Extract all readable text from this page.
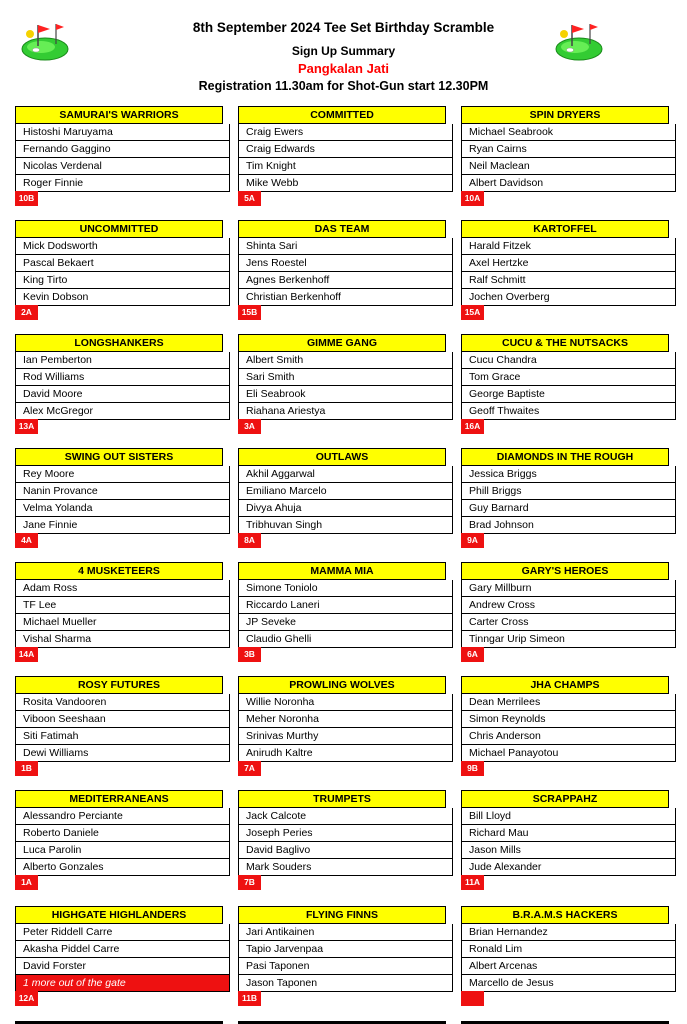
8th September 2024 Tee Set Birthday Scramble
Sign Up Summary
Pangkalan Jati
Registration 11.30am for Shot-Gun start 12.30PM
SAMURAI'S WARRIORS
Histoshi Maruyama
Fernando Gaggino
Nicolas Verdenal
Roger Finnie
10B
COMMITTED
Craig Ewers
Craig Edwards
Tim Knight
Mike Webb
5A
SPIN DRYERS
Michael Seabrook
Ryan Cairns
Neil Maclean
Albert Davidson
10A
UNCOMMITTED
Mick Dodsworth
Pascal Bekaert
King Tirto
Kevin Dobson
2A
DAS TEAM
Shinta Sari
Jens Roestel
Agnes Berkenhoff
Christian Berkenhoff
15B
KARTOFFEL
Harald Fitzek
Axel Hertzke
Ralf Schmitt
Jochen Overberg
15A
LONGSHANKERS
Ian Pemberton
Rod Williams
David Moore
Alex McGregor
13A
GIMME GANG
Albert Smith
Sari Smith
Eli Seabrook
Riahana Ariestya
3A
CUCU & THE NUTSACKS
Cucu Chandra
Tom Grace
George Baptiste
Geoff Thwaites
16A
SWING OUT SISTERS
Rey Moore
Nanin Provance
Velma Yolanda
Jane Finnie
4A
OUTLAWS
Akhil Aggarwal
Emiliano Marcelo
Divya Ahuja
Tribhuvan Singh
8A
DIAMONDS IN THE ROUGH
Jessica Briggs
Phill Briggs
Guy Barnard
Brad Johnson
9A
4 MUSKETEERS
Adam Ross
TF Lee
Michael Mueller
Vishal Sharma
14A
MAMMA MIA
Simone Toniolo
Riccardo Laneri
JP Seveke
Claudio Ghelli
3B
GARY'S HEROES
Gary Millburn
Andrew Cross
Carter Cross
Tinngar Urip Simeon
6A
ROSY FUTURES
Rosita Vandooren
Viboon Seeshaan
Siti Fatimah
Dewi Williams
1B
PROWLING WOLVES
Willie Noronha
Meher Noronha
Srinivas Murthy
Anirudh Kaltre
7A
JHA CHAMPS
Dean Merrilees
Simon Reynolds
Chris Anderson
Michael Panayotou
9B
MEDITERRANEANS
Alessandro Perciante
Roberto Daniele
Luca Parolin
Alberto Gonzales
1A
TRUMPETS
Jack Calcote
Joseph Peries
David Baglivo
Mark Souders
7B
SCRAPPAHZ
Bill Lloyd
Richard Mau
Jason Mills
Jude Alexander
11A
HIGHGATE HIGHLANDERS
Peter Riddell Carre
Akasha Piddel Carre
David Forster
1 more out of the gate
12A
FLYING FINNS
Jari Antikainen
Tapio Jarvenpaa
Pasi Taponen
Jason Taponen
11B
B.R.A.M.S HACKERS
Brian Hernandez
Ronald Lim
Albert Arcenas
Marcello de Jesus
